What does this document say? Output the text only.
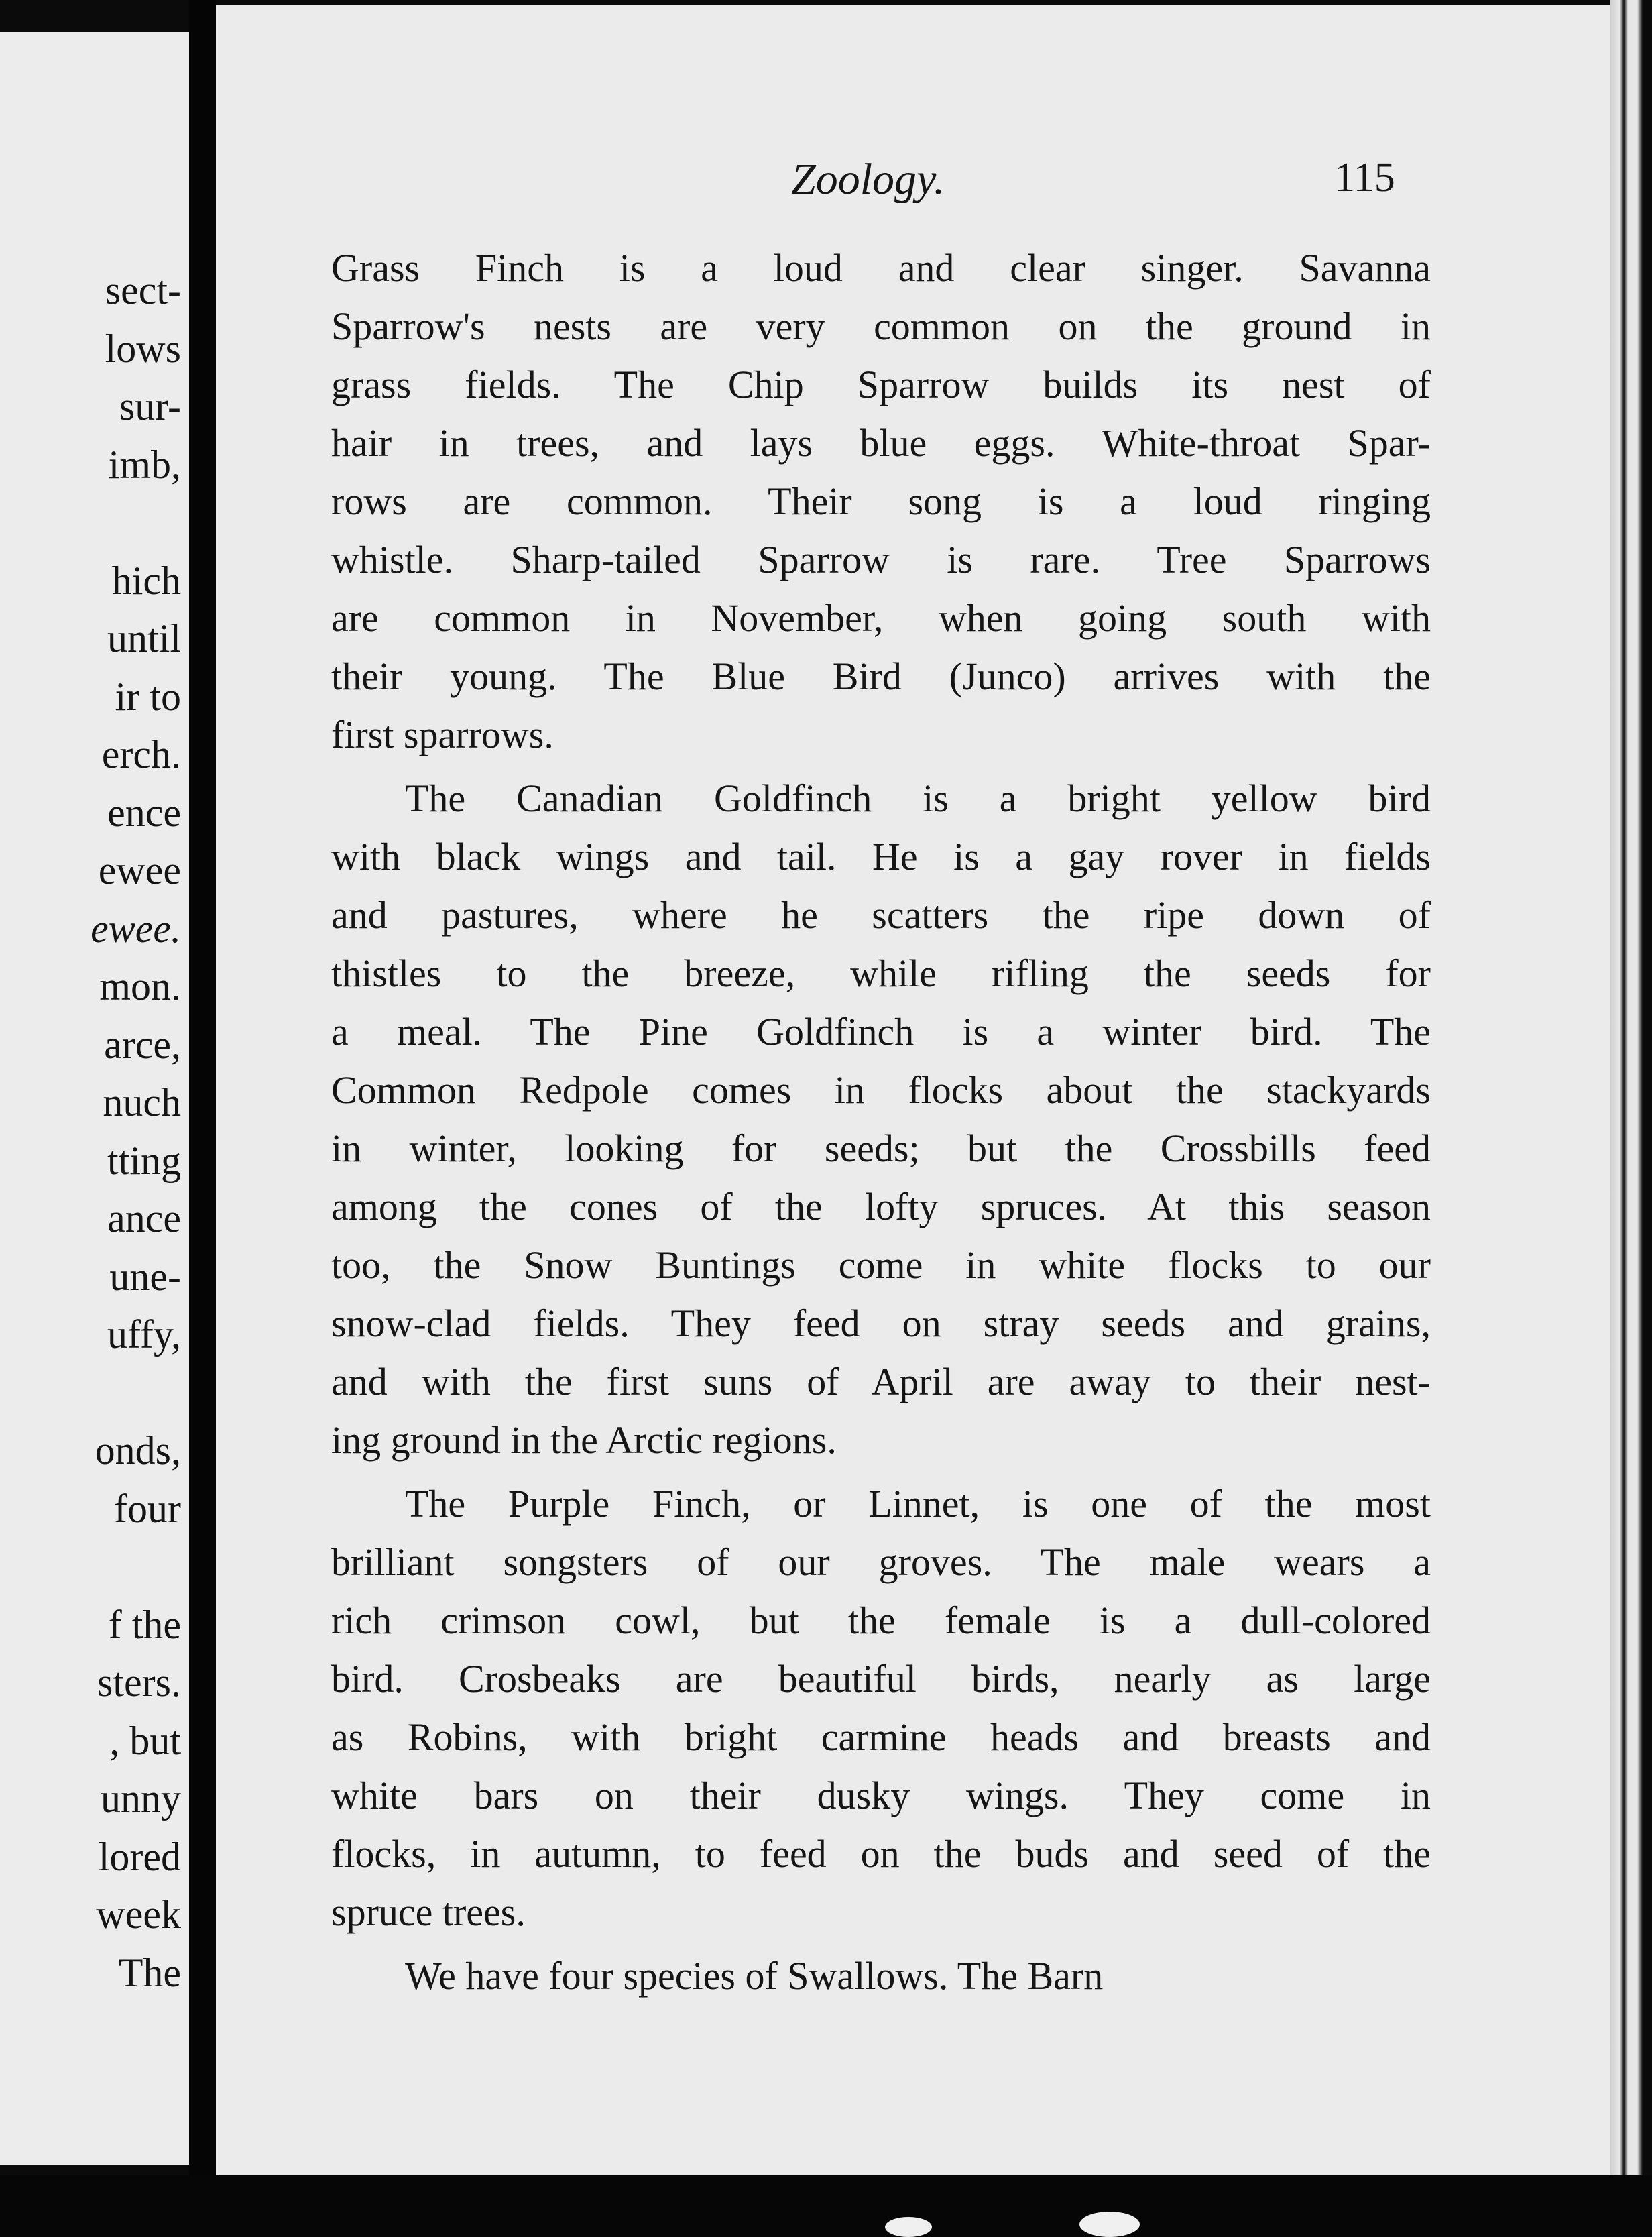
sect-
lows
sur-
imb,
hich
until
ir to
erch.
ence
ewee
ewee.
mon.
arce,
nuch
tting
ance
une-
uffy,
onds,
four
f the
sters.
, but
unny
lored
week
The
Zoology.	115
Grass Finch is a loud and clear singer. Savanna
Sparrow's nests are very common on the ground in
grass fields. The Chip Sparrow builds its nest of
hair in trees, and lays blue eggs. White-throat Spar-
rows are common. Their song is a loud ringing
whistle. Sharp-tailed Sparrow is rare. Tree Sparrows
are common in November, when going south with
their young. The Blue Bird (Junco) arrives with the
first sparrows.
The Canadian Goldfinch is a bright yellow bird
with black wings and tail. He is a gay rover in fields
and pastures, where he scatters the ripe down of
thistles to the breeze, while rifling the seeds for
a meal. The Pine Goldfinch is a winter bird. The
Common Redpole comes in flocks about the stackyards
in winter, looking for seeds; but the Crossbills feed
among the cones of the lofty spruces. At this season
too, the Snow Buntings come in white flocks to our
snow-clad fields. They feed on stray seeds and grains,
and with the first suns of April are away to their nest-
ing ground in the Arctic regions.
The Purple Finch, or Linnet, is one of the most
brilliant songsters of our groves. The male wears a
rich crimson cowl, but the female is a dull-colored
bird. Crosbeaks are beautiful birds, nearly as large
as Robins, with bright carmine heads and breasts and
white bars on their dusky wings. They come in
flocks, in autumn, to feed on the buds and seed of the
spruce trees.
We have four species of Swallows. The Barn
